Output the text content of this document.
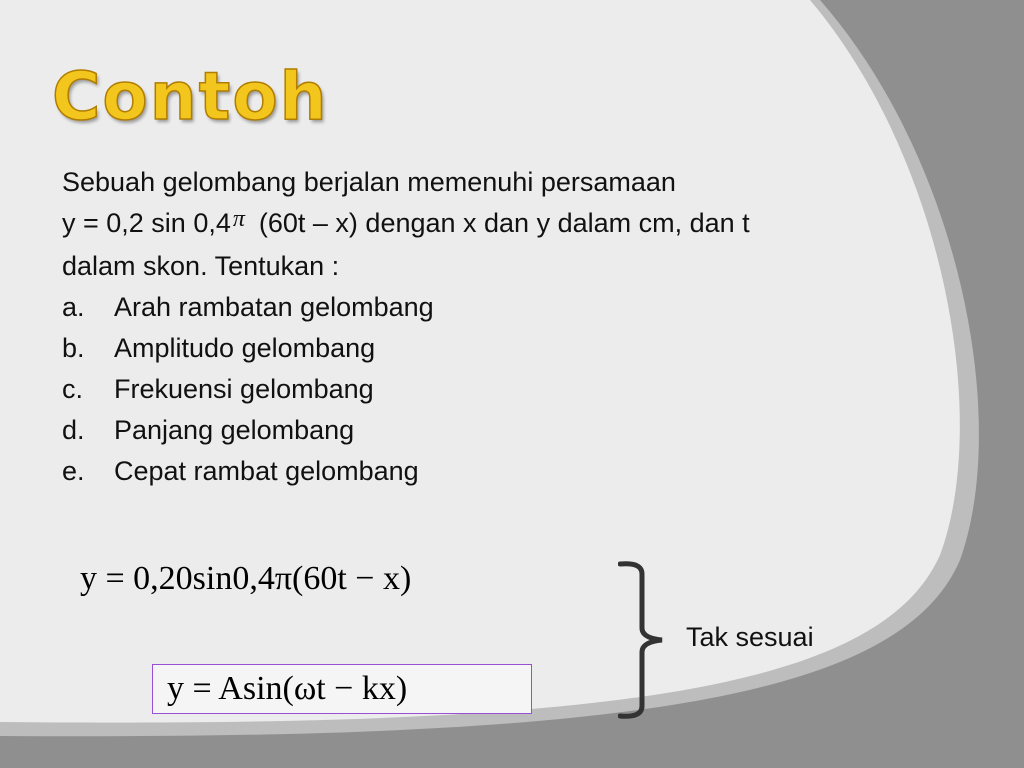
Contoh
Sebuah gelombang berjalan memenuhi persamaan
y = 0,2 sin 0,4π (60t – x) dengan x dan y dalam cm, dan t
dalam skon. Tentukan :
a.	Arah rambatan gelombang
b.	Amplitudo gelombang
c.	Frekuensi gelombang
d.	Panjang gelombang
e.	Cepat rambat gelombang
y = 0,20sin0,4π(60t − x)
y = Asin(ωt − kx)
Tak sesuai
